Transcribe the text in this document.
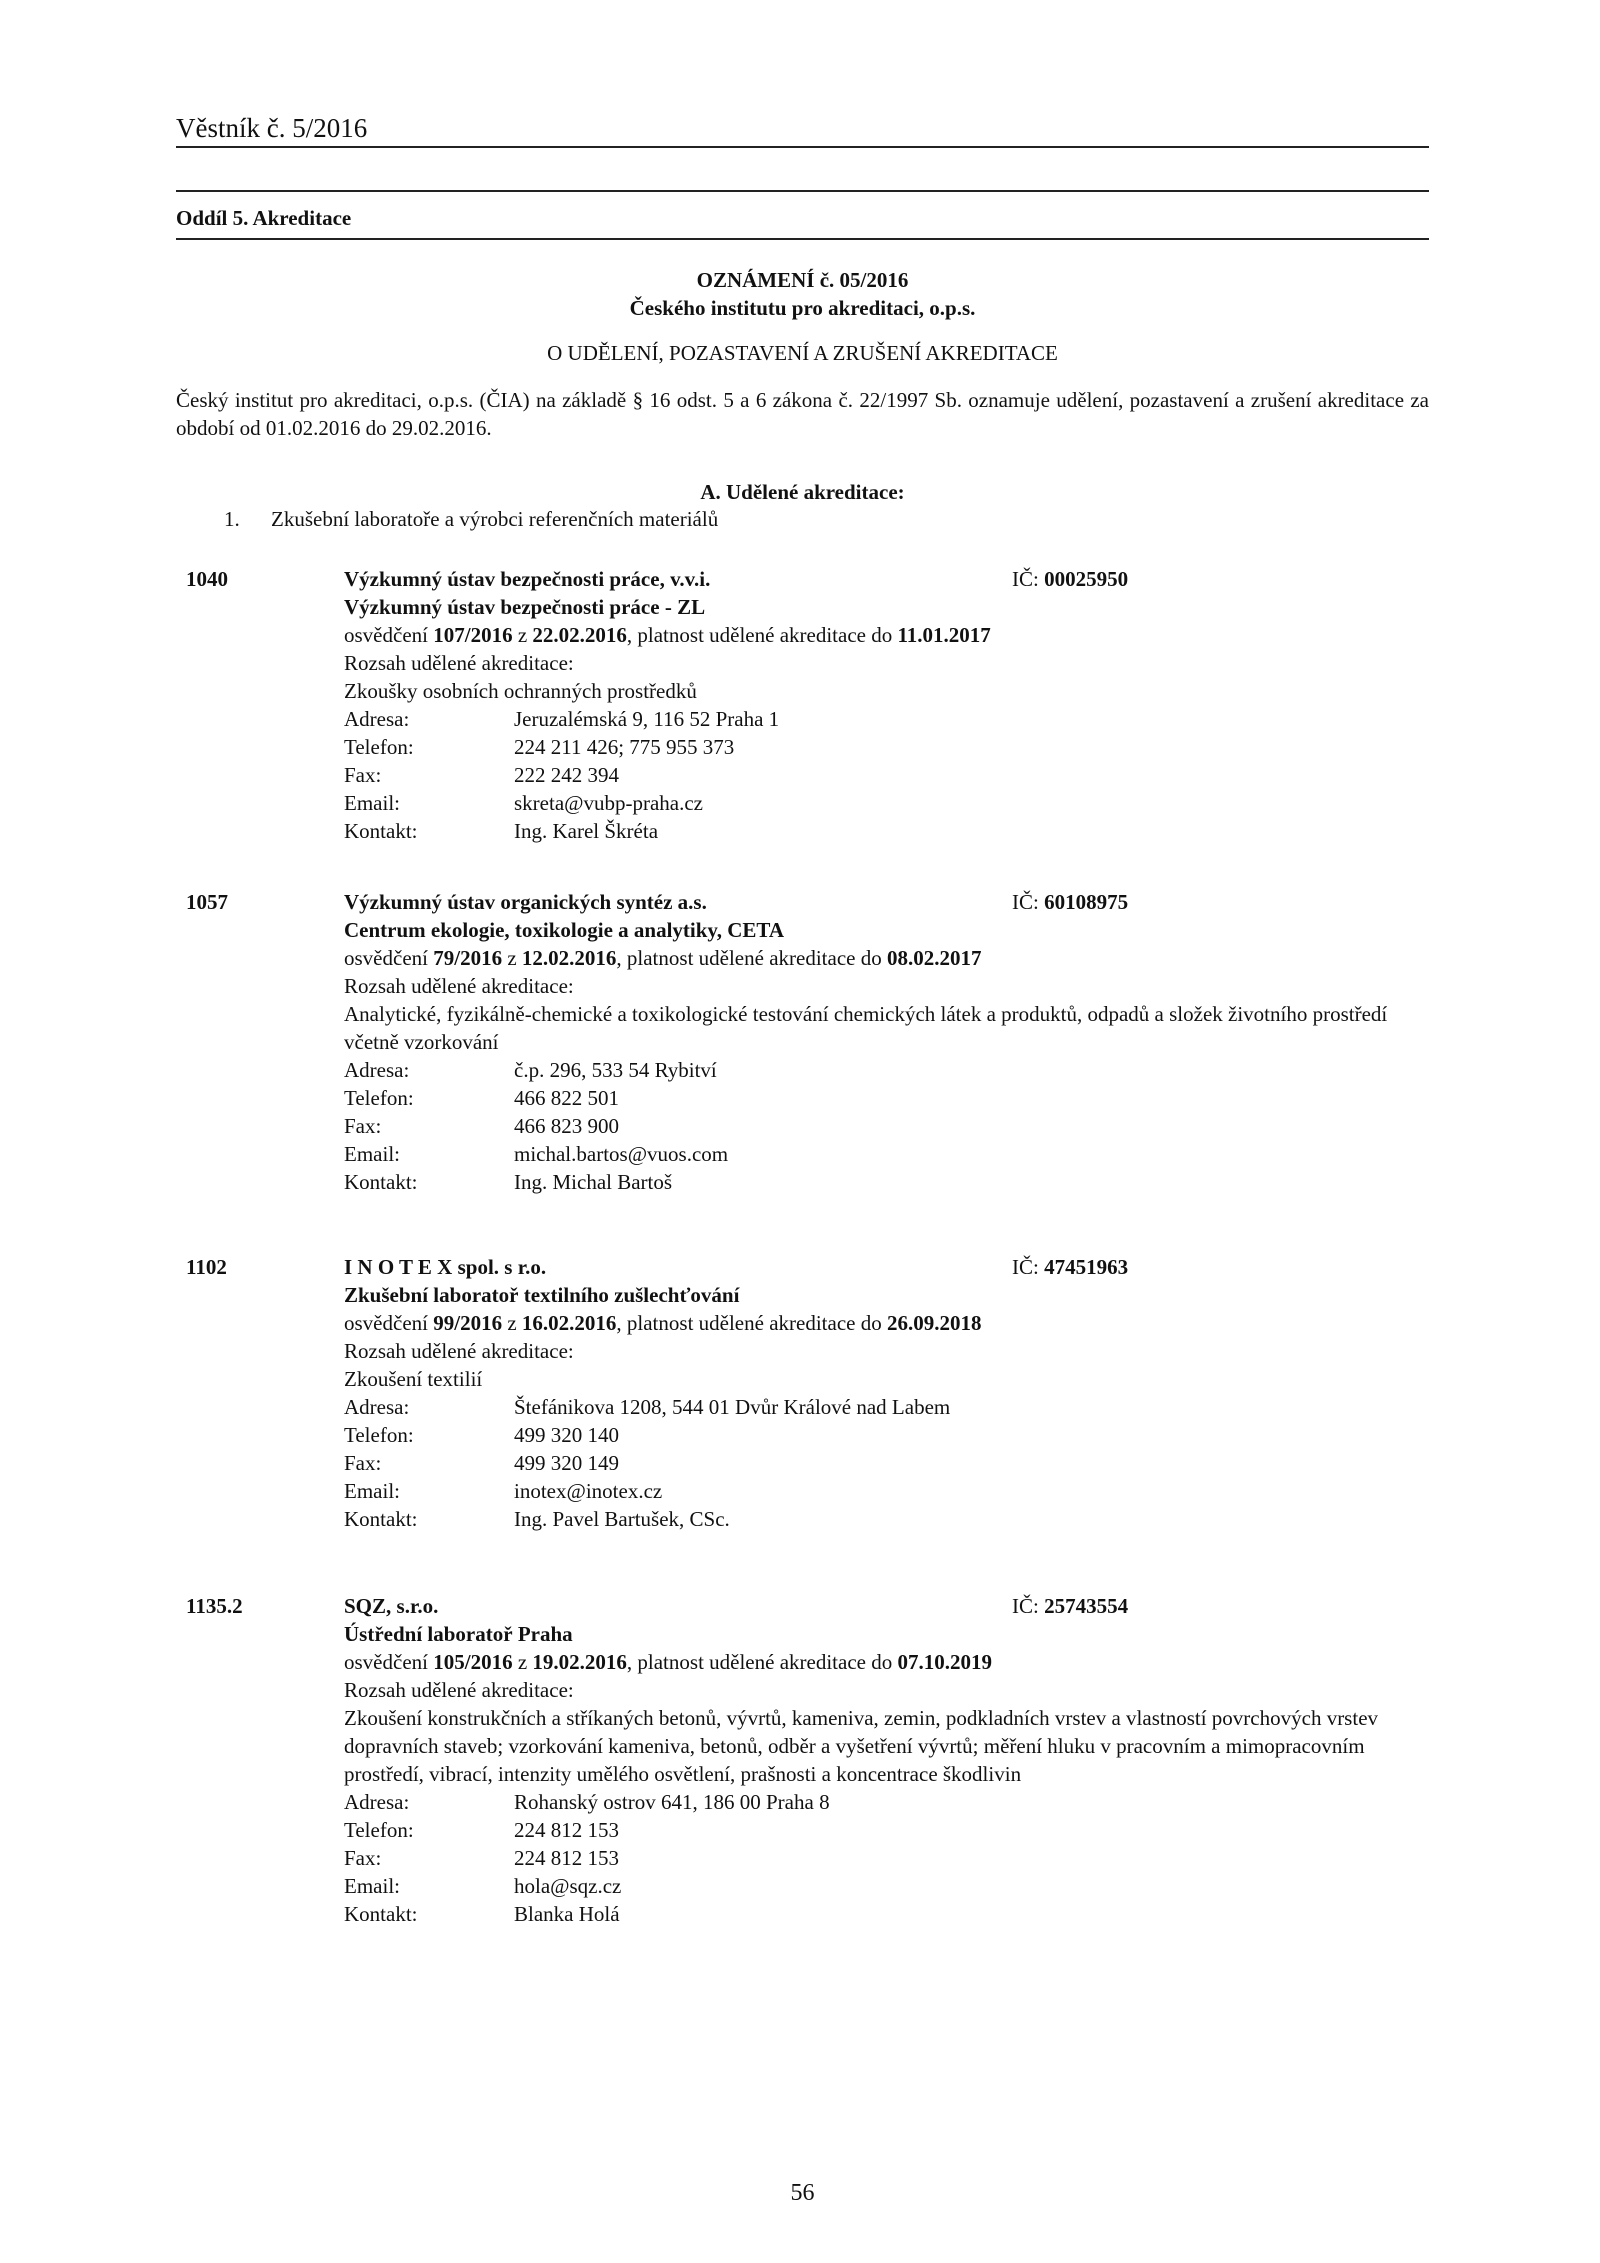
Věstník č. 5/2016
Oddíl 5. Akreditace
OZNÁMENÍ č. 05/2016
Českého institutu pro akreditaci, o.p.s.
O UDĚLENÍ, POZASTAVENÍ A ZRUŠENÍ AKREDITACE
Český institut pro akreditaci, o.p.s. (ČIA) na základě § 16 odst. 5 a 6 zákona č. 22/1997 Sb. oznamuje udělení, pozastavení a zrušení akreditace za období od 01.02.2016 do 29.02.2016.
A. Udělené akreditace:
1. Zkušební laboratoře a výrobci referenčních materiálů
1040	Výzkumný ústav bezpečnosti práce, v.v.i.	IČ: 00025950
Výzkumný ústav bezpečnosti práce - ZL
osvědčení 107/2016 z 22.02.2016, platnost udělené akreditace do 11.01.2017
Rozsah udělené akreditace:
Zkoušky osobních ochranných prostředků
Adresa:	Jeruzalémská 9, 116 52 Praha 1
Telefon:	224 211 426; 775 955 373
Fax:	222 242 394
Email:	skreta@vubp-praha.cz
Kontakt:	Ing. Karel Škréta
1057	Výzkumný ústav organických syntéz a.s.	IČ: 60108975
Centrum ekologie, toxikologie a analytiky, CETA
osvědčení 79/2016 z 12.02.2016, platnost udělené akreditace do 08.02.2017
Rozsah udělené akreditace:
Analytické, fyzikálně-chemické a toxikologické testování chemických látek a produktů, odpadů a složek životního prostředí včetně vzorkování
Adresa:	č.p. 296, 533 54 Rybitví
Telefon:	466 822 501
Fax:	466 823 900
Email:	michal.bartos@vuos.com
Kontakt:	Ing. Michal Bartoš
1102	I N O T E X spol. s r.o.	IČ: 47451963
Zkušební laboratoř textilního zušlechťování
osvědčení 99/2016 z 16.02.2016, platnost udělené akreditace do 26.09.2018
Rozsah udělené akreditace:
Zkoušení textilií
Adresa:	Štefánikova 1208, 544 01 Dvůr Králové nad Labem
Telefon:	499 320 140
Fax:	499 320 149
Email:	inotex@inotex.cz
Kontakt:	Ing. Pavel Bartušek, CSc.
1135.2	SQZ, s.r.o.	IČ: 25743554
Ústřední laboratoř Praha
osvědčení 105/2016 z 19.02.2016, platnost udělené akreditace do 07.10.2019
Rozsah udělené akreditace:
Zkoušení konstrukčních a stříkaných betonů, vývrtů, kameniva, zemin, podkladních vrstev a vlastností povrchových vrstev dopravních staveb; vzorkování kameniva, betonů, odběr a vyšetření vývrtů; měření hluku v pracovním a mimopracovním prostředí, vibrací, intenzity umělého osvětlení, prašnosti a koncentrace škodlivin
Adresa:	Rohanský ostrov 641, 186 00 Praha 8
Telefon:	224 812 153
Fax:	224 812 153
Email:	hola@sqz.cz
Kontakt:	Blanka Holá
56
